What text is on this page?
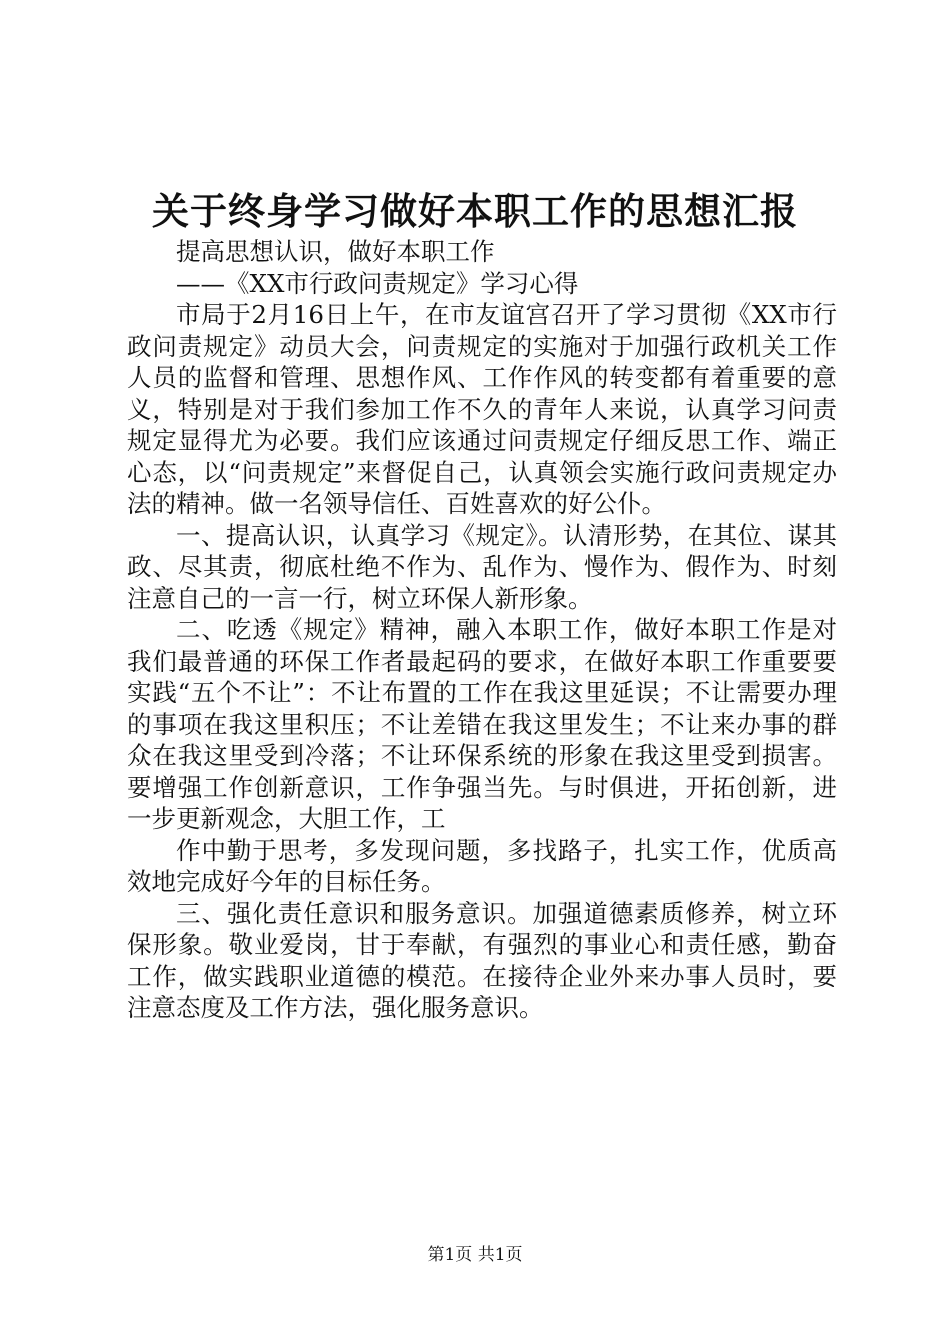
关于终身学习做好本职工作的思想汇报

提高思想认识，做好本职工作

——《XX市行政问责规定》学习心得

市局于2月16日上午，在市友谊宫召开了学习贯彻《XX市行政问责规定》动员大会，问责规定的实施对于加强行政机关工作人员的监督和管理、思想作风、工作作风的转变都有着重要的意义，特别是对于我们参加工作不久的青年人来说，认真学习问责规定显得尤为必要。我们应该通过问责规定仔细反思工作、端正心态，以“问责规定”来督促自己，认真领会实施行政问责规定办法的精神。做一名领导信任、百姓喜欢的好公仆。

一、提高认识，认真学习《规定》。认清形势，在其位、谋其政、尽其责，彻底杜绝不作为、乱作为、慢作为、假作为、时刻注意自己的一言一行，树立环保人新形象。

二、吃透《规定》精神，融入本职工作，做好本职工作是对我们最普通的环保工作者最起码的要求，在做好本职工作重要要实践“五个不让”：不让布置的工作在我这里延误；不让需要办理的事项在我这里积压；不让差错在我这里发生；不让来办事的群众在我这里受到冷落；不让环保系统的形象在我这里受到损害。要增强工作创新意识，工作争强当先。与时俱进，开拓创新，进一步更新观念，大胆工作，工

作中勤于思考，多发现问题，多找路子，扎实工作，优质高效地完成好今年的目标任务。

三、强化责任意识和服务意识。加强道德素质修养，树立环保形象。敬业爱岗，甘于奉献，有强烈的事业心和责任感，勤奋工作，做实践职业道德的模范。在接待企业外来办事人员时，要注意态度及工作方法，强化服务意识。

第1页 共1页
